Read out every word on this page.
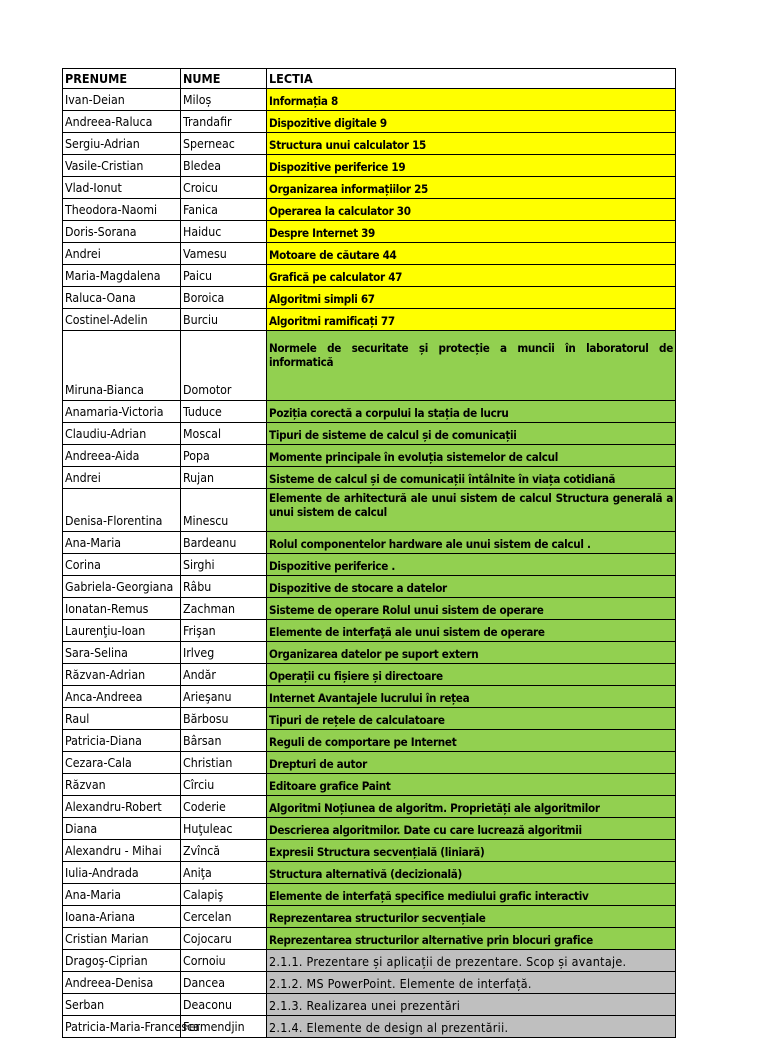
PRENUME	NUME	LECTIA
Ivan-Deian	Miloș	Informația 8
Andreea-Raluca	Trandafir	Dispozitive digitale 9
Sergiu-Adrian	Sperneac	Structura unui calculator 15
Vasile-Cristian	Bledea	Dispozitive periferice 19
Vlad-Ionut	Croicu	Organizarea informațiilor 25
Theodora-Naomi	Fanica	Operarea la calculator 30
Doris-Sorana	Haiduc	Despre Internet 39
Andrei	Vamesu	Motoare de căutare 44
Maria-Magdalena	Paicu	Grafică pe calculator 47
Raluca-Oana	Boroica	Algoritmi simpli 67
Costinel-Adelin	Burciu	Algoritmi ramificați 77
Miruna-Bianca	Domotor	Normele de securitate și protecție a muncii în laboratorul de informatică
Anamaria-Victoria	Tuduce	Poziția corectă a corpului la stația de lucru
Claudiu-Adrian	Moscal	Tipuri de sisteme de calcul și de comunicații
Andreea-Aida	Popa	Momente principale în evoluția sistemelor de calcul
Andrei	Rujan	Sisteme de calcul și de comunicații întâlnite în viața cotidiană
Denisa-Florentina	Minescu	Elemente de arhitectură ale unui sistem de calcul Structura generală a unui sistem de calcul
Ana-Maria	Bardeanu	Rolul componentelor hardware ale unui sistem de calcul .
Corina	Sirghi	Dispozitive periferice .
Gabriela-Georgiana	Râbu	Dispozitive de stocare a datelor
Ionatan-Remus	Zachman	Sisteme de operare Rolul unui sistem de operare
Laurenţiu-Ioan	Frişan	Elemente de interfaţă ale unui sistem de operare
Sara-Selina	Irlveg	Organizarea datelor pe suport extern
Răzvan-Adrian	Andăr	Operații cu fișiere și directoare
Anca-Andreea	Arieşanu	Internet Avantajele lucrului în rețea
Raul	Bărbosu	Tipuri de rețele de calculatoare
Patricia-Diana	Bârsan	Reguli de comportare pe Internet
Cezara-Cala	Christian	Drepturi de autor
Răzvan	Cîrciu	Editoare grafice Paint
Alexandru-Robert	Coderie	Algoritmi Noțiunea de algoritm. Proprietăți ale algoritmilor
Diana	Huţuleac	Descrierea algoritmilor. Date cu care lucrează algoritmii
Alexandru - Mihai	Zvîncă	Expresii Structura secvențială (liniară)
Iulia-Andrada	Aniţa	Structura alternativă (decizională)
Ana-Maria	Calapiş	Elemente de interfață specifice mediului grafic interactiv
Ioana-Ariana	Cercelan	Reprezentarea structurilor secvențiale
Cristian Marian	Cojocaru	Reprezentarea structurilor alternative prin blocuri grafice
Dragoş-Ciprian	Cornoiu	2.1.1. Prezentare și aplicații de prezentare. Scop și avantaje.
Andreea-Denisa	Dancea	2.1.2. MS PowerPoint. Elemente de interfață.
Serban	Deaconu	2.1.3. Realizarea unei prezentări
Patricia-Maria-Francesca	Fermendjin	2.1.4. Elemente de design al prezentării.
